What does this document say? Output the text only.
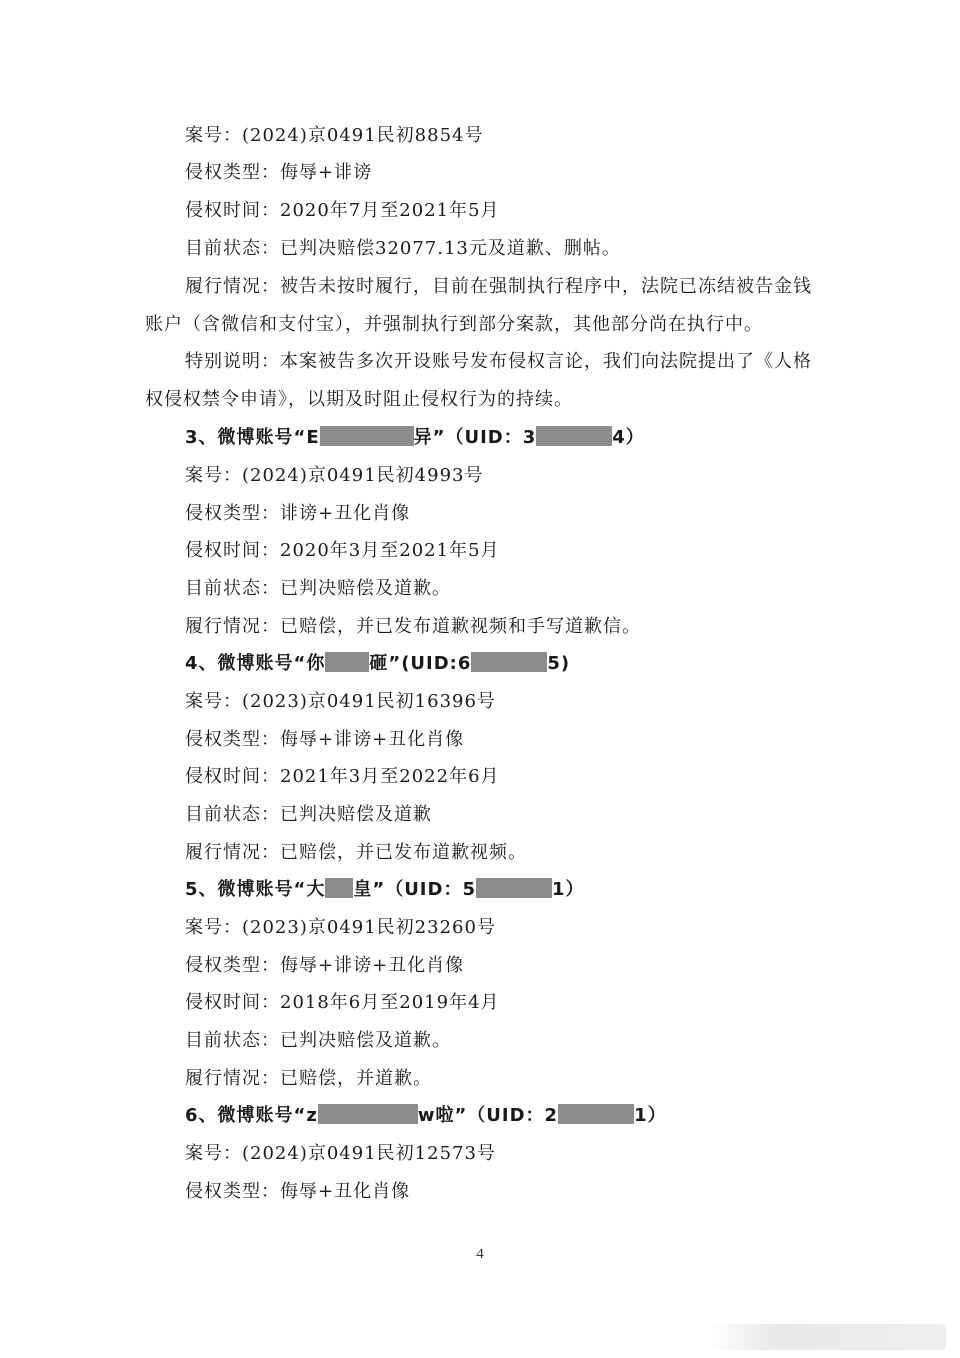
案号：(2024)京0491民初8854号
侵权类型：侮辱+诽谤
侵权时间：2020年7月至2021年5月
目前状态：已判决赔偿32077.13元及道歉、删帖。
履行情况：被告未按时履行，目前在强制执行程序中，法院已冻结被告金钱
账户（含微信和支付宝），并强制执行到部分案款，其他部分尚在执行中。
特别说明：本案被告多次开设账号发布侵权言论，我们向法院提出了《人格
权侵权禁令申请》，以期及时阻止侵权行为的持续。
3、微博账号“E	异”（UID：3	4）
案号：(2024)京0491民初4993号
侵权类型：诽谤+丑化肖像
侵权时间：2020年3月至2021年5月
目前状态：已判决赔偿及道歉。
履行情况：已赔偿，并已发布道歉视频和手写道歉信。
4、微博账号“你 砸”(UID:6	5)
案号：(2023)京0491民初16396号
侵权类型：侮辱+诽谤+丑化肖像
侵权时间：2021年3月至2022年6月
目前状态：已判决赔偿及道歉
履行情况：已赔偿，并已发布道歉视频。
5、微博账号“大 皇”（UID：5	1）
案号：(2023)京0491民初23260号
侵权类型：侮辱+诽谤+丑化肖像
侵权时间：2018年6月至2019年4月
目前状态：已判决赔偿及道歉。
履行情况：已赔偿，并道歉。
6、微博账号“z	w啦”（UID：2	1）
案号：(2024)京0491民初12573号
侵权类型：侮辱+丑化肖像
4
